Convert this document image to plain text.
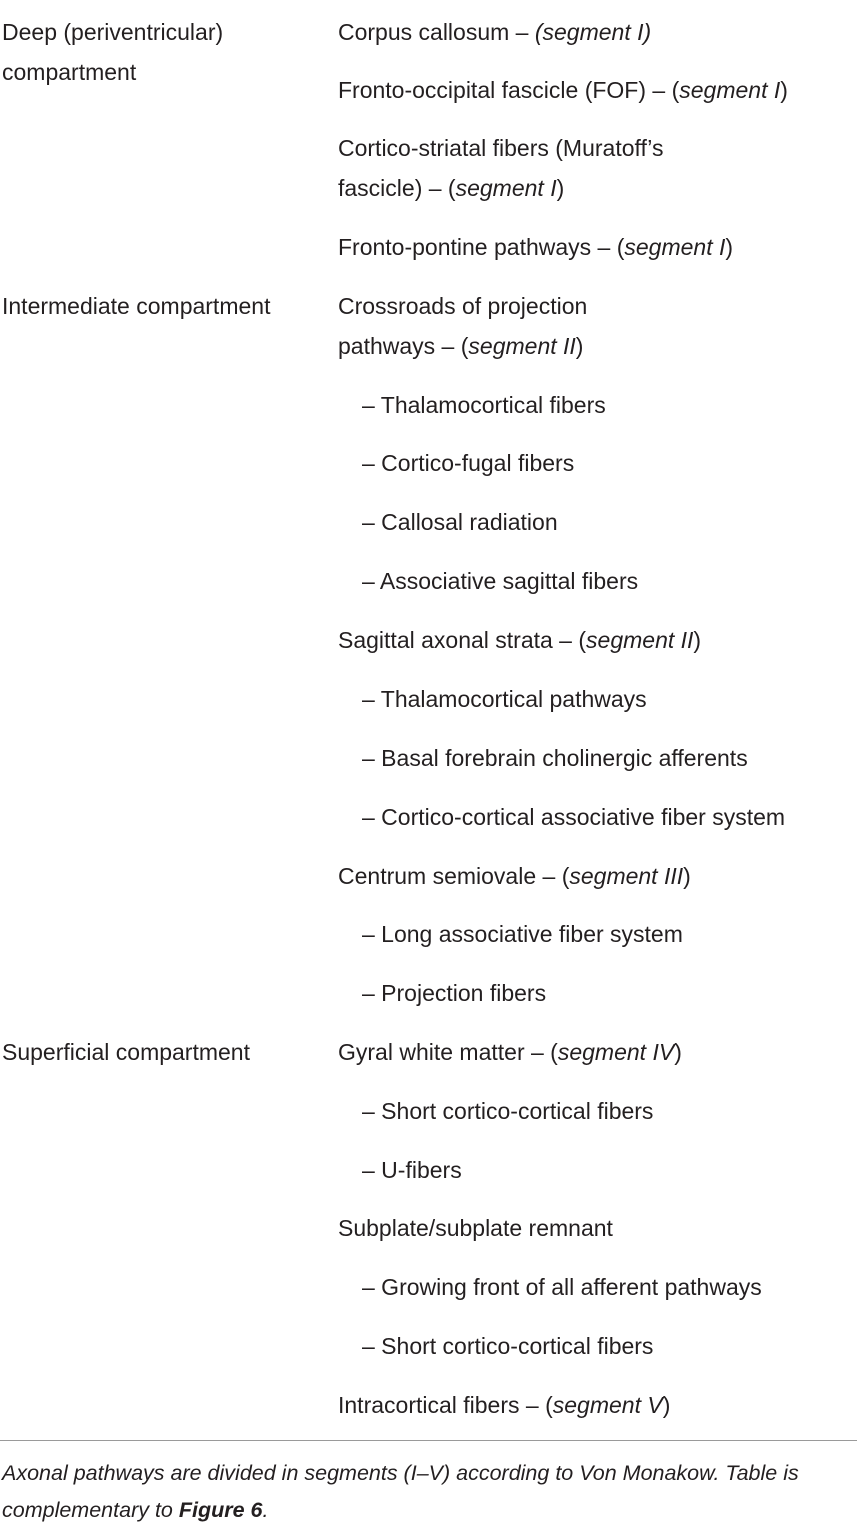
Deep (periventricular) compartment
Intermediate compartment
Superficial compartment
Corpus callosum – (segment I)
Fronto-occipital fascicle (FOF) – (segment I)
Cortico-striatal fibers (Muratoff’s fascicle) – (segment I)
Fronto-pontine pathways – (segment I)
Crossroads of projection pathways – (segment II)
– Thalamocortical fibers
– Cortico-fugal fibers
– Callosal radiation
– Associative sagittal fibers
Sagittal axonal strata – (segment II)
– Thalamocortical pathways
– Basal forebrain cholinergic afferents
– Cortico-cortical associative fiber system
Centrum semiovale – (segment III)
– Long associative fiber system
– Projection fibers
Gyral white matter – (segment IV)
– Short cortico-cortical fibers
– U-fibers
Subplate/subplate remnant
– Growing front of all afferent pathways
– Short cortico-cortical fibers
Intracortical fibers – (segment V)
Axonal pathways are divided in segments (I–V) according to Von Monakow. Table is complementary to Figure 6.
